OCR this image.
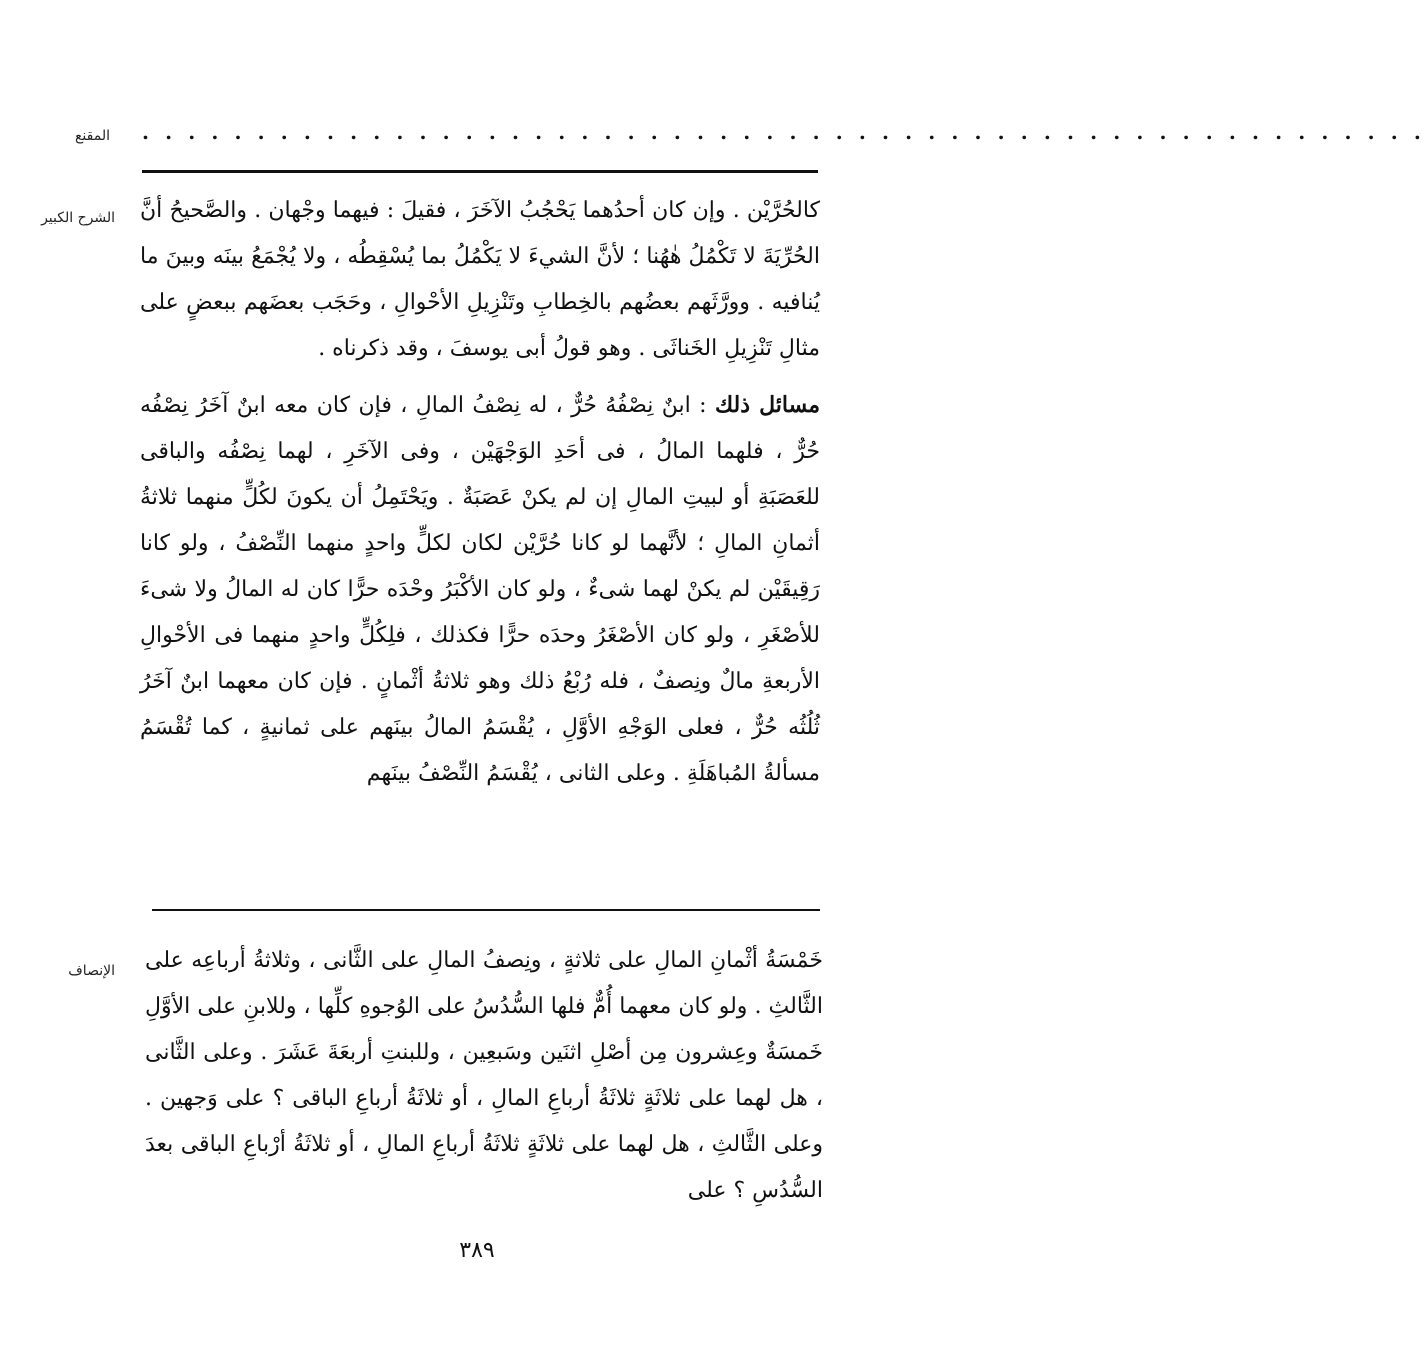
المقنع . . . . . . . . . . . . . . . . . . . . . . . . . . . . . . . . . . . . . . . . . . . . . . . . . . . . . . . .
الشرح الكبير كالحُرَّيْن . وإن كان أحدُهما يَحْجُبُ الآخَرَ ، فقيلَ : فيهما وجْهان . والصَّحيحُ أنَّ الحُرِّيَةَ لا تَكْمُلُ هٰهُنا ؛ لأنَّ الشيءَ لا يَكْمُلُ بما يُسْقِطُه ، ولا يُجْمَعُ بينَه وبينَ ما يُنافيه . وورَّثَهم بعضُهم بالخِطابِ وتَنْزِيلِ الأحْوالِ ، وحَجَب بعضَهم ببعضٍ على مثالِ تَنْزِيلِ الخَناثَى . وهو قولُ أبى يوسفَ ، وقد ذكرناه .

مسائل ذلك : ابنٌ نِصْفُهُ حُرٌّ ، له نِصْفُ المالِ ، فإن كان معه ابنٌ آخَرُ نِصْفُه حُرٌّ ، فلهما المالُ ، فى أحَدِ الوَجْهَيْن ، وفى الآخَرِ ، لهما نِصْفُه والباقى للعَصَبَةِ أو لبيتِ المالِ إن لم يكنْ عَصَبَةٌ . ويَحْتَمِلُ أن يكونَ لكُلٍّ منهما ثلاثةُ أثمانِ المالِ ؛ لأنَّهما لو كانا حُرَّيْن لكان لكلٍّ واحدٍ منهما النِّصْفُ ، ولو كانا رَقِيقَيْن لم يكنْ لهما شىءٌ ، ولو كان الأكْبَرُ وحْدَه حرًّا كان له المالُ ولا شىءَ للأصْغَرِ ، ولو كان الأصْغَرُ وحدَه حرًّا فكذلك ، فلِكُلٍّ واحدٍ منهما فى الأحْوالِ الأربعةِ مالٌ ونِصفٌ ، فله رُبْعُ ذلك وهو ثلاثةُ أثْمانٍ . فإن كان معهما ابنٌ آخَرُ ثُلُثُه حُرٌّ ، فعلى الوَجْهِ الأوَّلِ ، يُقْسَمُ المالُ بينَهم على ثمانيةٍ ، كما تُقْسَمُ مسألةُ المُباهَلَةِ . وعلى الثانى ، يُقْسَمُ النِّصْفُ بينَهم

الإنصاف خَمْسَةُ أثْمانِ المالِ على ثلاثةٍ ، ونِصفُ المالِ على الثَّانى ، وثلاثةُ أرباعِه على الثَّالثِ . ولو كان معهما أُمٌّ فلها السُّدُسُ على الوُجوهِ كلِّها ، وللابنِ على الأوَّلِ خَمسَةٌ وعِشرون مِن أصْلِ اثنَين وسَبعِين ، وللبنتِ أربعَةَ عَشَرَ . وعلى الثَّانى ، هل لهما على ثلاثَةٍ ثلاثَةُ أرباعِ المالِ ، أو ثلاثَةُ أرباعِ الباقى ؟ على وَجهين . وعلى الثَّالثِ ، هل لهما على ثلاثَةٍ ثلاثَةُ أرباعِ المالِ ، أو ثلاثَةُ أرْباعِ الباقى بعدَ السُّدُسِ ؟ على

٣٨٩
